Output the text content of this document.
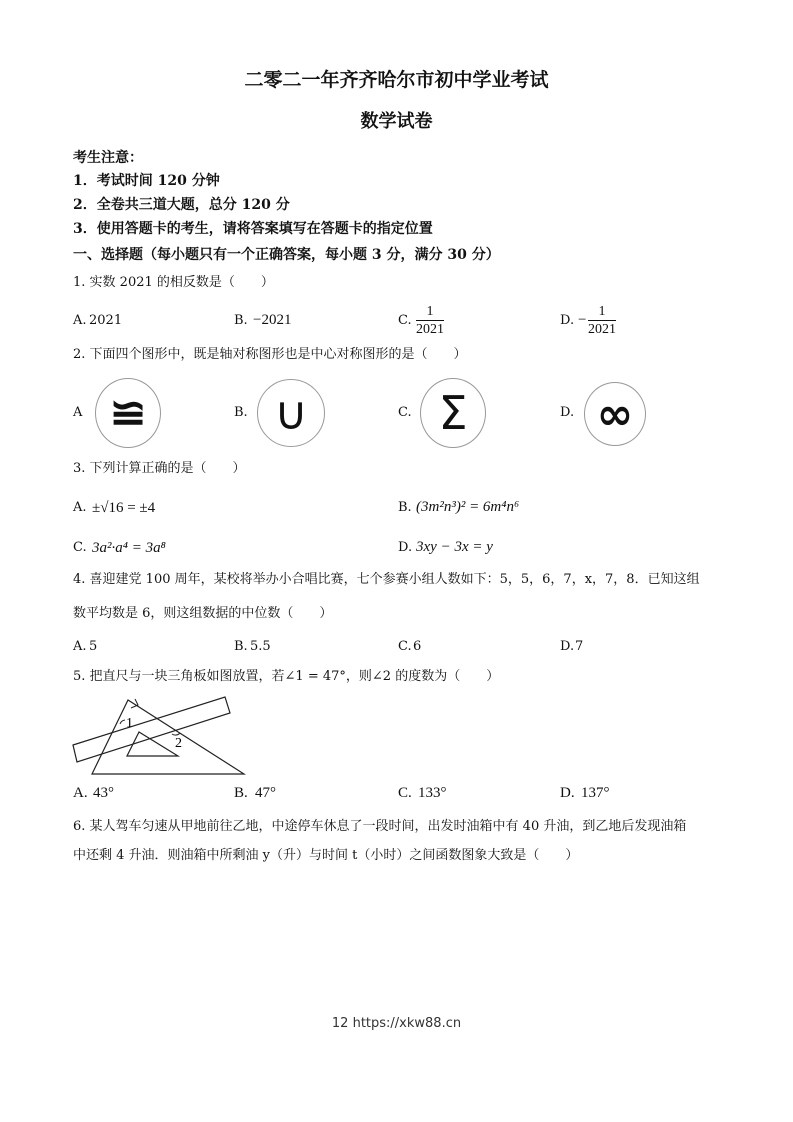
二零二一年齐齐哈尔市初中学业考试
数学试卷
考生注意：
1．考试时间 120 分钟
2．全卷共三道大题，总分 120 分
3．使用答题卡的考生，请将答案填写在答题卡的指定位置
一、选择题（每小题只有一个正确答案，每小题 3 分，满分 30 分）
1. 实数 2021 的相反数是（　　）
A. 2021	B. −2021	C. $\frac{1}{2021}$	D. − $\frac{1}{2021}$
2. 下面四个图形中，既是轴对称图形也是中心对称图形的是（　　）
A ≌	B. ∪	C. Σ	D. ∞
3. 下列计算正确的是（　　）
A. ±√16 = ±4	B. (3m²n³)² = 6m⁴n⁶
C. 3a²·a⁴ = 3a⁸	D. 3xy − 3x = y
4. 喜迎建党 100 周年，某校将举办小合唱比赛，七个参赛小组人数如下：5，5，6，7，x，7，8．已知这组
数平均数是 6，则这组数据的中位数（　　）
A. 5	B. 5.5	C. 6	D. 7
5. 把直尺与一块三角板如图放置，若∠1 = 47°，则∠2 的度数为（　　）
1
2
A. 43°	B. 47°	C. 133°	D. 137°
6. 某人驾车匀速从甲地前往乙地，中途停车休息了一段时间，出发时油箱中有 40 升油，到乙地后发现油箱
中还剩 4 升油．则油箱中所剩油 y（升）与时间 t（小时）之间函数图象大致是（　　）
12 https://xkw88.cn
